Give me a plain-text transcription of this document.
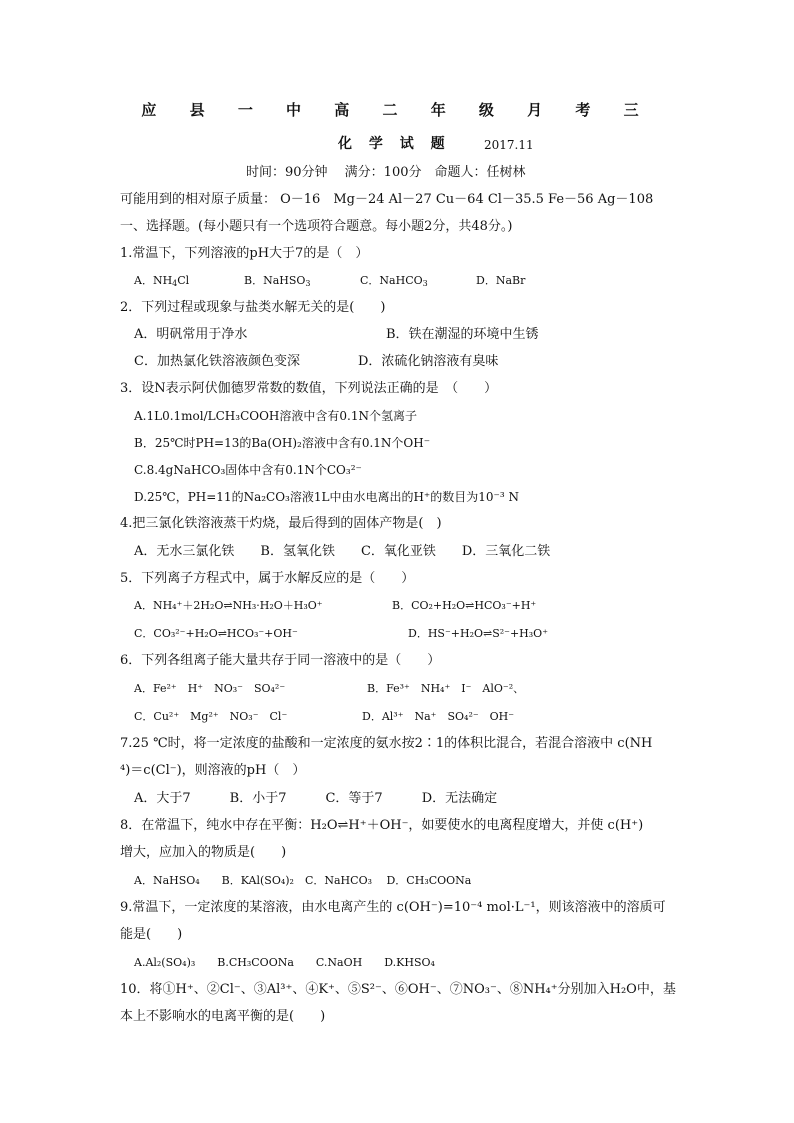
应 县 一 中 高 二 年 级 月 考 三
化 学 试 题	2017.11
时间：90分钟　 满分：100分　命题人：任树林
可能用到的相对原子质量： O－16　Mg－24 Al－27 Cu－64 Cl－35.5 Fe－56 Ag－108
一、选择题。(每小题只有一个选项符合题意。每小题2分，共48分。)
1.常温下，下列溶液的pH大于7的是（　）
A．$NH_4Cl$	B．NaHSO$_3$	C．NaHCO$_3$	D．NaBr
2．下列过程或现象与盐类水解无关的是(　　)
A．明矾常用于净水	B．铁在潮湿的环境中生锈
C．加热氯化铁溶液颜色变深	D．浓硫化钠溶液有臭味
3．设N表示阿伏伽德罗常数的数值，下列说法正确的是　（　　）
A.1L0.1mol/LCH₃COOH溶液中含有0.1N个氢离子
B．25℃时PH=13的Ba(OH)₂溶液中含有0.1N个OH⁻
C.8.4gNaHCO₃固体中含有0.1N个CO₃²⁻
D.25℃，PH=11的Na₂CO₃溶液1L中由水电离出的H⁺的数目为10⁻³ N
4.把三氯化铁溶液蒸干灼烧，最后得到的固体产物是(　)
A．无水三氯化铁　　B．氢氧化铁　　C．氧化亚铁　　D．三氧化二铁
5．下列离子方程式中，属于水解反应的是（　　）
A．NH₄⁺＋2H₂O⇌NH₃·H₂O＋H₃O⁺	B．CO₂+H₂O⇌HCO₃⁻+H⁺
C．CO₃²⁻+H₂O⇌HCO₃⁻+OH⁻	D．HS⁻+H₂O⇌S²⁻+H₃O⁺
6．下列各组离子能大量共存于同一溶液中的是（　　）
A．Fe²⁺　H⁺　NO₃⁻　SO₄²⁻	B．Fe³⁺　NH₄⁺　I⁻　AlO⁻²、
C．Cu²⁺　Mg²⁺　NO₃⁻　Cl⁻	D．Al³⁺　Na⁺　SO₄²⁻　OH⁻
7.25 ℃时，将一定浓度的盐酸和一定浓度的氨水按2∶1的体积比混合，若混合溶液中 c(NH
⁴)＝c(Cl⁻)，则溶液的pH（　）
A．大于7　　　B．小于7　　　C．等于7　　　D．无法确定
8．在常温下，纯水中存在平衡：H₂O⇌H⁺＋OH⁻，如要使水的电离程度增大，并使 c(H⁺)
增大，应加入的物质是(　　)
A．NaHSO₄　　B．KAl(SO₄)₂　C．NaHCO₃　 D．CH₃COONa
9.常温下，一定浓度的某溶液，由水电离产生的 c(OH⁻)=10⁻⁴ mol·L⁻¹，则该溶液中的溶质可
能是(　　)
A.Al₂(SO₄)₃　　B.CH₃COONa　　C.NaOH　　D.KHSO₄
10．将①H⁺、②Cl⁻、③Al³⁺、④K⁺、⑤S²⁻、⑥OH⁻、⑦NO₃⁻、⑧NH₄⁺分别加入H₂O中，基
本上不影响水的电离平衡的是(　　)
